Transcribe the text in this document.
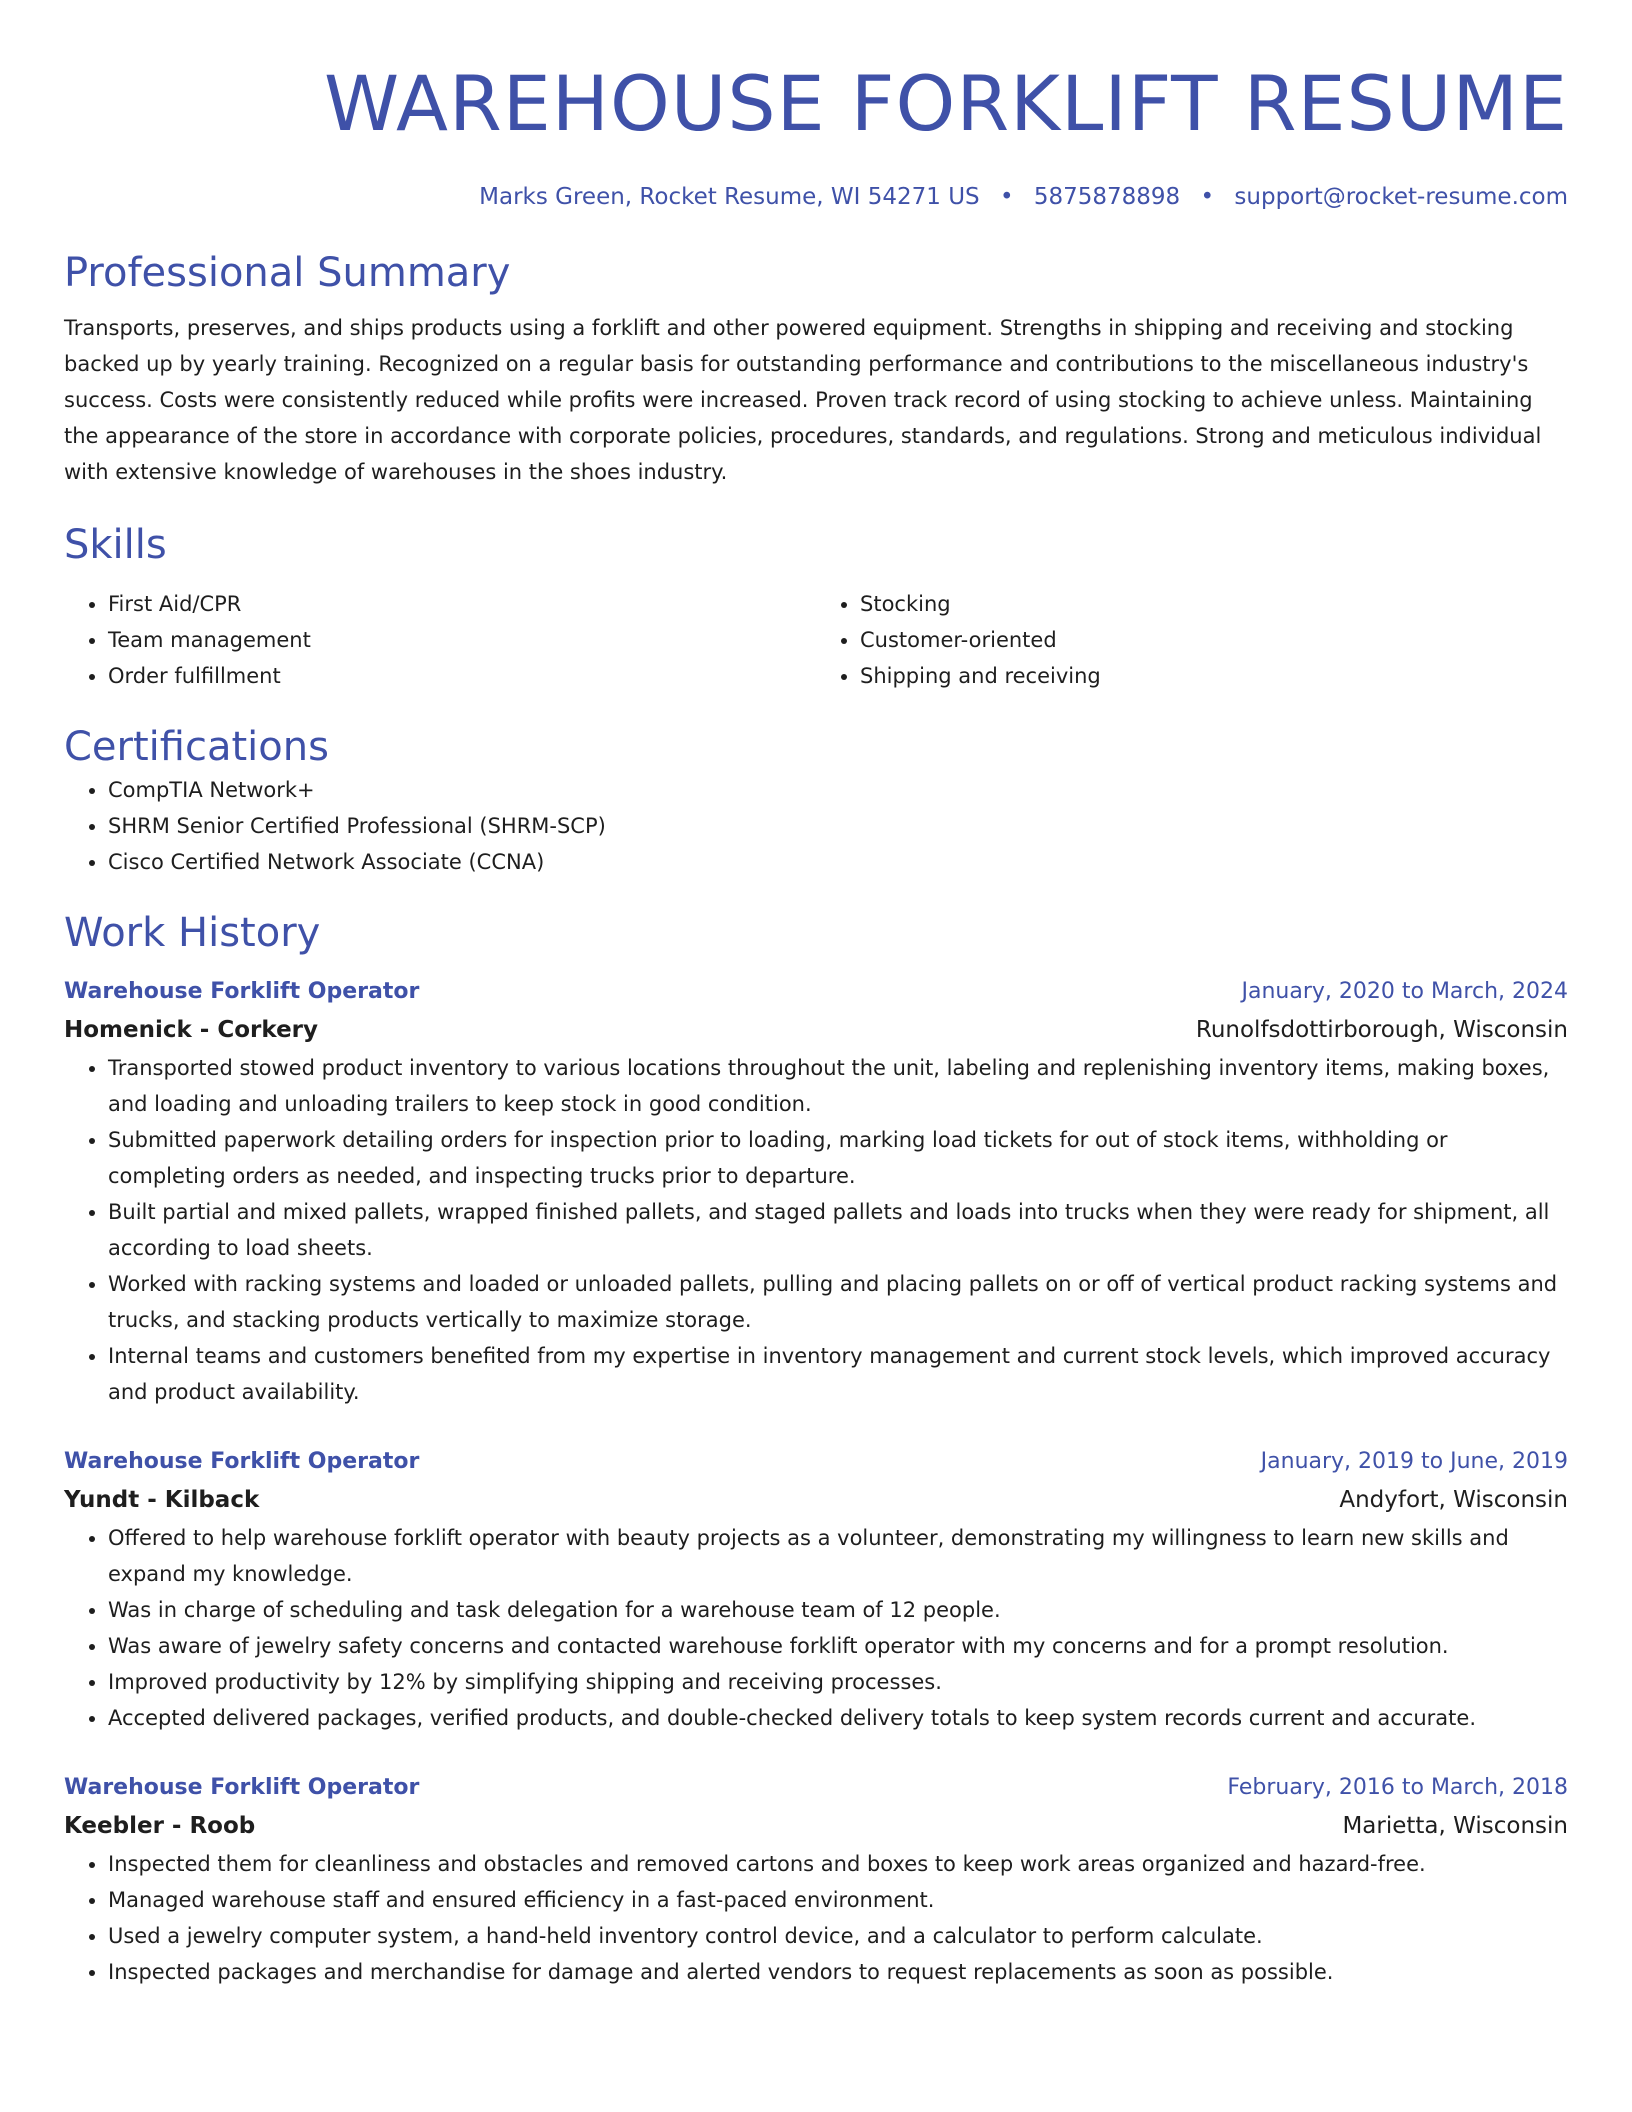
WAREHOUSE FORKLIFT RESUME
Marks Green, Rocket Resume, WI 54271 US • 5875878898 • support@rocket-resume.com
Professional Summary
Transports, preserves, and ships products using a forklift and other powered equipment. Strengths in shipping and receiving and stocking backed up by yearly training. Recognized on a regular basis for outstanding performance and contributions to the miscellaneous industry's success. Costs were consistently reduced while profits were increased. Proven track record of using stocking to achieve unless. Maintaining the appearance of the store in accordance with corporate policies, procedures, standards, and regulations. Strong and meticulous individual with extensive knowledge of warehouses in the shoes industry.
Skills
• First Aid/CPR
• Team management
• Order fulfillment
• Stocking
• Customer-oriented
• Shipping and receiving
Certifications
• CompTIA Network+
• SHRM Senior Certified Professional (SHRM-SCP)
• Cisco Certified Network Associate (CCNA)
Work History
Warehouse Forklift Operator	January, 2020 to March, 2024
Homenick - Corkery	Runolfsdottirborough, Wisconsin
• Transported stowed product inventory to various locations throughout the unit, labeling and replenishing inventory items, making boxes, and loading and unloading trailers to keep stock in good condition.
• Submitted paperwork detailing orders for inspection prior to loading, marking load tickets for out of stock items, withholding or completing orders as needed, and inspecting trucks prior to departure.
• Built partial and mixed pallets, wrapped finished pallets, and staged pallets and loads into trucks when they were ready for shipment, all according to load sheets.
• Worked with racking systems and loaded or unloaded pallets, pulling and placing pallets on or off of vertical product racking systems and trucks, and stacking products vertically to maximize storage.
• Internal teams and customers benefited from my expertise in inventory management and current stock levels, which improved accuracy and product availability.
Warehouse Forklift Operator	January, 2019 to June, 2019
Yundt - Kilback	Andyfort, Wisconsin
• Offered to help warehouse forklift operator with beauty projects as a volunteer, demonstrating my willingness to learn new skills and expand my knowledge.
• Was in charge of scheduling and task delegation for a warehouse team of 12 people.
• Was aware of jewelry safety concerns and contacted warehouse forklift operator with my concerns and for a prompt resolution.
• Improved productivity by 12% by simplifying shipping and receiving processes.
• Accepted delivered packages, verified products, and double-checked delivery totals to keep system records current and accurate.
Warehouse Forklift Operator	February, 2016 to March, 2018
Keebler - Roob	Marietta, Wisconsin
• Inspected them for cleanliness and obstacles and removed cartons and boxes to keep work areas organized and hazard-free.
• Managed warehouse staff and ensured efficiency in a fast-paced environment.
• Used a jewelry computer system, a hand-held inventory control device, and a calculator to perform calculate.
• Inspected packages and merchandise for damage and alerted vendors to request replacements as soon as possible.
